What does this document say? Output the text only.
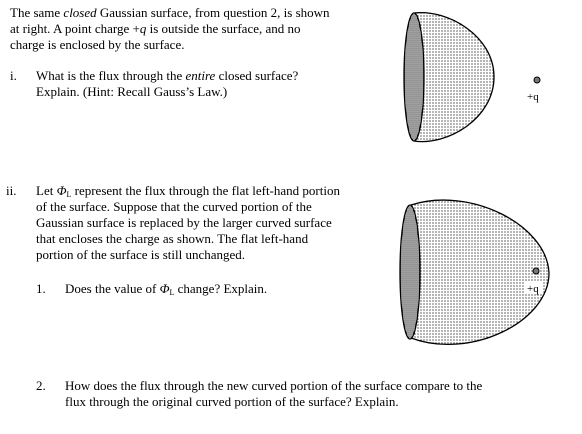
The same closed Gaussian surface, from question 2, is shown
at right. A point charge +q is outside the surface, and no
charge is enclosed by the surface.
i. What is the flux through the entire closed surface?
Explain. (Hint: Recall Gauss’s Law.)
ii. Let $\Phi_L$ represent the flux through the flat left-hand portion
of the surface. Suppose that the curved portion of the
Gaussian surface is replaced by the larger curved surface
that encloses the charge as shown. The flat left-hand
portion of the surface is still unchanged.
1. Does the value of $\Phi_L$ change? Explain.
2. How does the flux through the new curved portion of the surface compare to the
flux through the original curved portion of the surface? Explain.
+q
+q
